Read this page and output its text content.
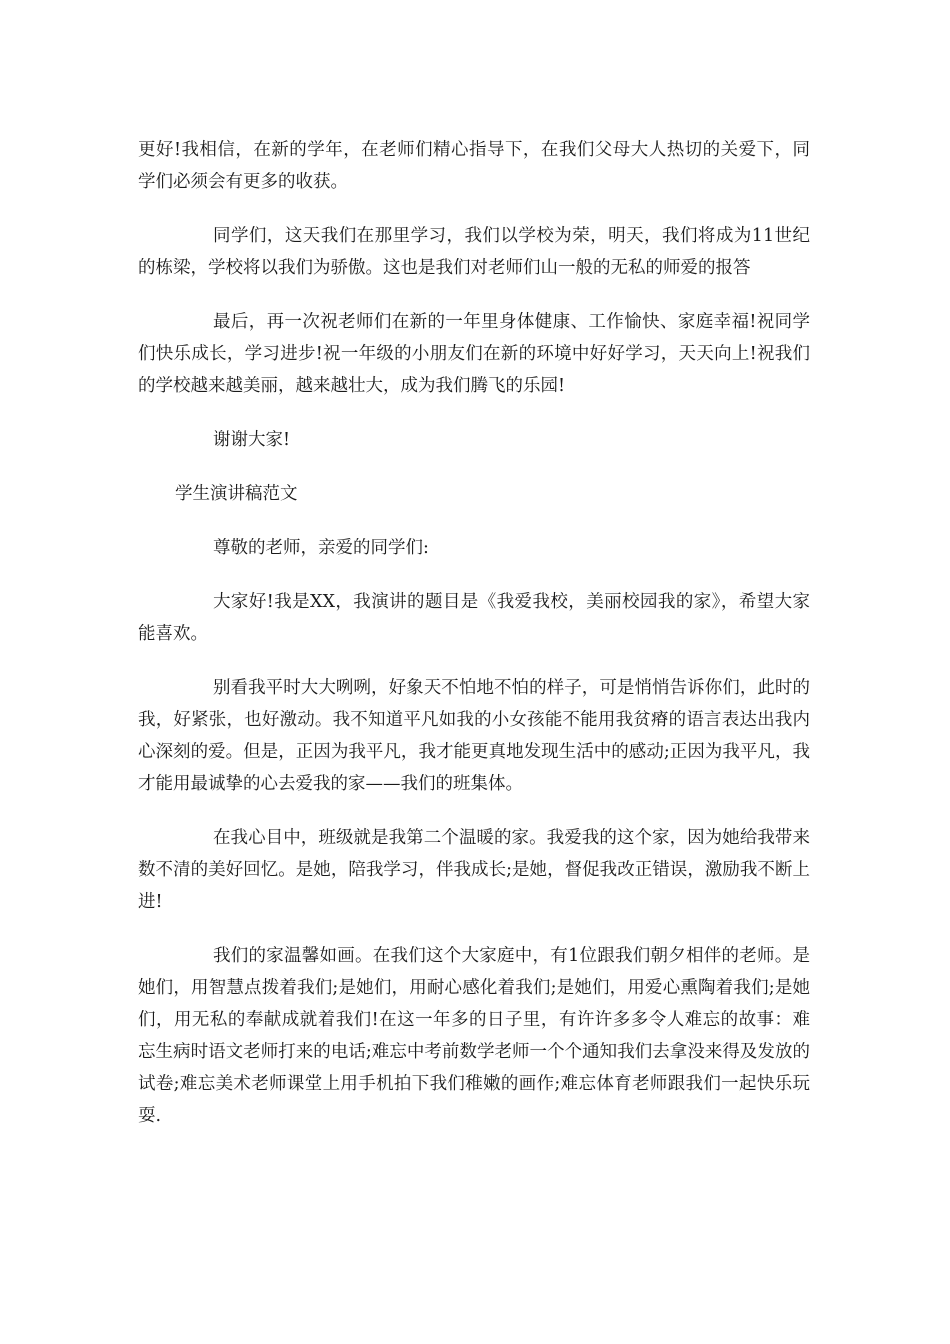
更好!我相信，在新的学年，在老师们精心指导下，在我们父母大人热切的关爱下，同学们必须会有更多的收获。

同学们，这天我们在那里学习，我们以学校为荣，明天，我们将成为11世纪的栋梁，学校将以我们为骄傲。这也是我们对老师们山一般的无私的师爱的报答

最后，再一次祝老师们在新的一年里身体健康、工作愉快、家庭幸福!祝同学们快乐成长，学习进步!祝一年级的小朋友们在新的环境中好好学习，天天向上!祝我们的学校越来越美丽，越来越壮大，成为我们腾飞的乐园!

谢谢大家!

学生演讲稿范文

尊敬的老师，亲爱的同学们:

大家好!我是XX，我演讲的题目是《我爱我校，美丽校园我的家》，希望大家能喜欢。

别看我平时大大咧咧，好象天不怕地不怕的样子，可是悄悄告诉你们，此时的我，好紧张，也好激动。我不知道平凡如我的小女孩能不能用我贫瘠的语言表达出我内心深刻的爱。但是，正因为我平凡，我才能更真地发现生活中的感动;正因为我平凡，我才能用最诚挚的心去爱我的家——我们的班集体。

在我心目中，班级就是我第二个温暖的家。我爱我的这个家，因为她给我带来数不清的美好回忆。是她，陪我学习，伴我成长;是她，督促我改正错误，激励我不断上进!

我们的家温馨如画。在我们这个大家庭中，有1位跟我们朝夕相伴的老师。是她们，用智慧点拨着我们;是她们，用耐心感化着我们;是她们，用爱心熏陶着我们;是她们，用无私的奉献成就着我们!在这一年多的日子里，有许许多多令人难忘的故事：难忘生病时语文老师打来的电话;难忘中考前数学老师一个个通知我们去拿没来得及发放的试卷;难忘美术老师课堂上用手机拍下我们稚嫩的画作;难忘体育老师跟我们一起快乐玩耍.
